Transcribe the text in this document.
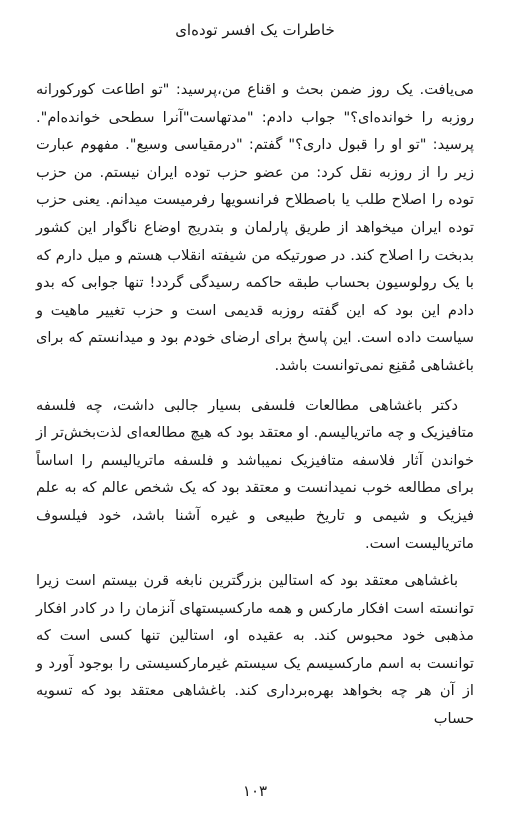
خاطرات یک افسر توده‌ای

می‌یافت. یک روز ضمن بحث و اقناع من،پرسید: "تو اطاعت کورکورانه روزبه را خوانده‌ای؟" جواب دادم: "مدتهاست"آنرا سطحی خوانده‌ام". پرسید: "تو او را قبول داری؟" گفتم: "درمقیاسی وسیع". مفهوم عبارت زیر را از روزبه نقل کرد: من عضو حزب توده ایران نیستم. من حزب توده را اصلاح طلب یا باصطلاح فرانسویها رفرمیست میدانم. یعنی حزب توده ایران میخواهد از طریق پارلمان و بتدریج اوضاع ناگوار این کشور بدبخت را اصلاح کند. در صورتیکه من شیفته انقلاب هستم و میل دارم که با یک رولوسیون بحساب طبقه حاکمه رسیدگی گردد! تنها جوابی که بدو دادم این بود که این گفته روزبه قدیمی است و حزب تغییر ماهیت و سیاست داده است. این پاسخ برای ارضای خودم بود و میدانستم که برای باغشاهی مُقنِع نمی‌توانست باشد.

دکتر باغشاهی مطالعات فلسفی بسیار جالبی داشت، چه فلسفه متافیزیک و چه ماتریالیسم. او معتقد بود که هیچ مطالعه‌ای لذت‌بخش‌تر از خواندن آثار فلاسفه متافیزیک نمیباشد و فلسفه ماتریالیسم را اساساً برای مطالعه خوب نمیدانست و معتقد بود که یک شخص عالم که به علم فیزیک و شیمی و تاریخ طبیعی و غیره آشنا باشد، خود فیلسوف ماتریالیست است.

باغشاهی معتقد بود که استالین بزرگترین نابغه قرن بیستم است زیرا توانسته است افکار مارکس و همه مارکسیستهای آنزمان را در کادر افکار مذهبی خود محبوس کند. به عقیده او، استالین تنها کسی است که توانست به اسم مارکسیسم یک سیستم غیرمارکسیستی را بوجود آورد و از آن هر چه بخواهد بهره‌برداری کند. باغشاهی معتقد بود که تسویه حساب

۱۰۳
